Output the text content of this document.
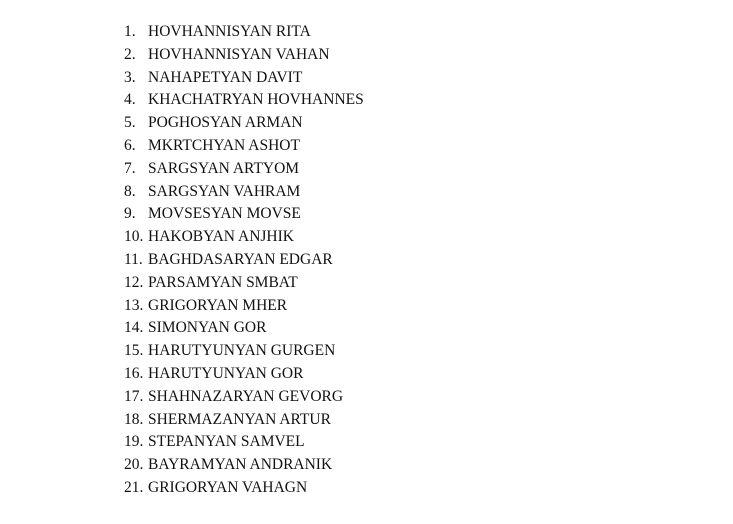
1. HOVHANNISYAN RITA
2. HOVHANNISYAN VAHAN
3. NAHAPETYAN DAVIT
4. KHACHATRYAN HOVHANNES
5. POGHOSYAN ARMAN
6. MKRTCHYAN ASHOT
7. SARGSYAN ARTYOM
8. SARGSYAN VAHRAM
9. MOVSESYAN MOVSE
10. HAKOBYAN ANJHIK
11. BAGHDASARYAN EDGAR
12. PARSAMYAN SMBAT
13. GRIGORYAN MHER
14. SIMONYAN GOR
15. HARUTYUNYAN GURGEN
16. HARUTYUNYAN GOR
17. SHAHNAZARYAN GEVORG
18. SHERMAZANYAN ARTUR
19. STEPANYAN SAMVEL
20. BAYRAMYAN ANDRANIK
21. GRIGORYAN VAHAGN
